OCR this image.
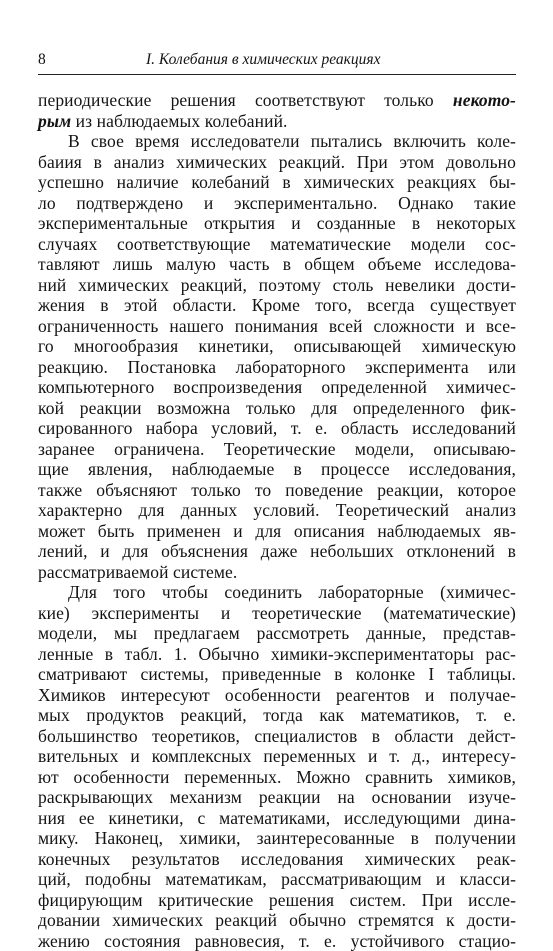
8	I. Колебания в химических реакциях

периодические решения соответствуют только некото-
рым из наблюдаемых колебаний.

В свое время исследователи пытались включить коле-
баиия в анализ химических реакций. При этом довольно
успешно наличие колебаний в химических реакциях бы-
ло подтверждено и экспериментально. Однако такие
экспериментальные открытия и созданные в некоторых
случаях соответствующие математические модели сос-
тавляют лишь малую часть в общем объеме исследова-
ний химических реакций, поэтому столь невелики дости-
жения в этой области. Кроме того, всегда существует
ограниченность нашего понимания всей сложности и все-
го многообразия кинетики, описывающей химическую
реакцию. Постановка лабораторного эксперимента или
компьютерного воспроизведения определенной химичес-
кой реакции возможна только для определенного фик-
сированного набора условий, т. е. область исследований
заранее ограничена. Теоретические модели, описываю-
щие явления, наблюдаемые в процессе исследования,
также объясняют только то поведение реакции, которое
характерно для данных условий. Теоретический анализ
может быть применен и для описания наблюдаемых яв-
лений, и для объяснения даже небольших отклонений в
рассматриваемой системе.

Для того чтобы соединить лабораторные (химичес-
кие) эксперименты и теоретические (математические)
модели, мы предлагаем рассмотреть данные, представ-
ленные в табл. 1. Обычно химики-экспериментаторы рас-
сматривают системы, приведенные в колонке I таблицы.
Химиков интересуют особенности реагентов и получае-
мых продуктов реакций, тогда как математиков, т. е.
большинство теоретиков, специалистов в области дейст-
вительных и комплексных переменных и т. д., интересу-
ют особенности переменных. Можно сравнить химиков,
раскрывающих механизм реакции на основании изуче-
ния ее кинетики, с математиками, исследующими дина-
мику. Наконец, химики, заинтересованные в получении
конечных результатов исследования химических реак-
ций, подобны математикам, рассматривающим и класси-
фицирующим критические решения систем. При иссле-
довании химических реакций обычно стремятся к дости-
жению состояния равновесия, т. е. устойчивого стацио-
